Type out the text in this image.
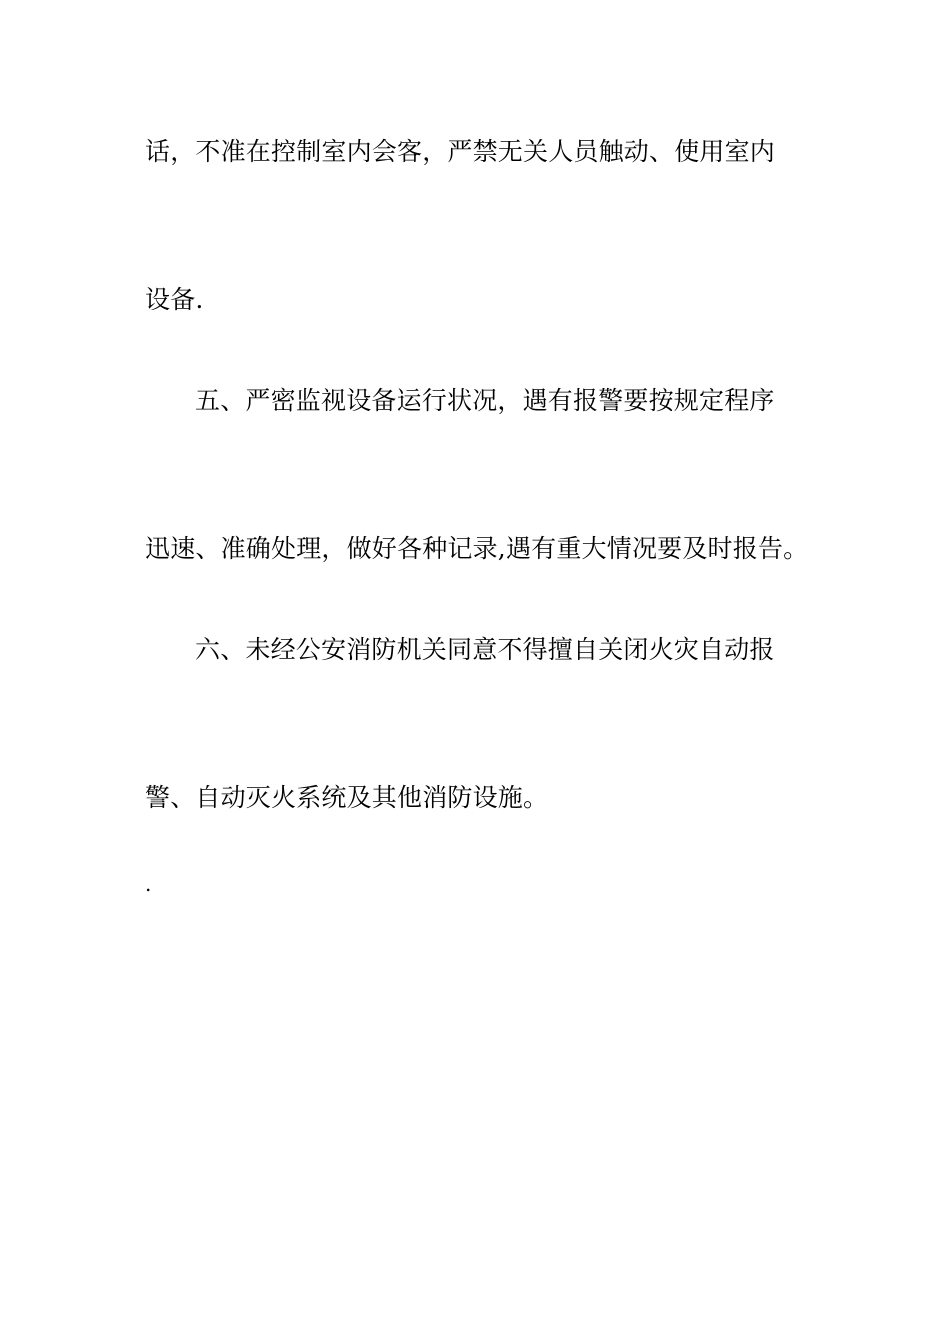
话，不准在控制室内会客，严禁无关人员触动、使用室内
设备.
五、严密监视设备运行状况，遇有报警要按规定程序
迅速、准确处理，做好各种记录,遇有重大情况要及时报告。
六、未经公安消防机关同意不得擅自关闭火灾自动报
警、自动灭火系统及其他消防设施。
.
